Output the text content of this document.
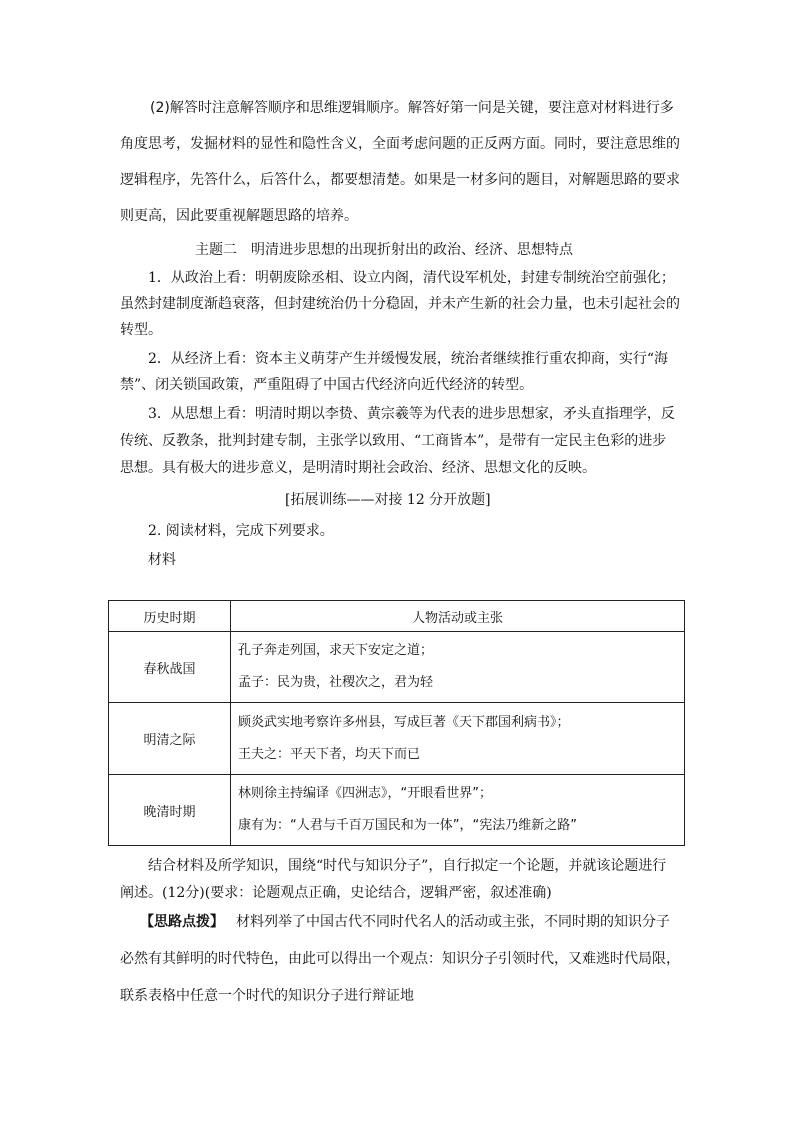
(2)解答时注意解答顺序和思维逻辑顺序。解答好第一问是关键，要注意对材料进行多
角度思考，发掘材料的显性和隐性含义，全面考虑问题的正反两方面。同时，要注意思维的
逻辑程序，先答什么，后答什么，都要想清楚。如果是一材多问的题目，对解题思路的要求
则更高，因此要重视解题思路的培养。
主题二　明清进步思想的出现折射出的政治、经济、思想特点
1．从政治上看：明朝废除丞相、设立内阁，清代设军机处，封建专制统治空前强化；
虽然封建制度渐趋衰落，但封建统治仍十分稳固，并未产生新的社会力量，也未引起社会的
转型。
2．从经济上看：资本主义萌芽产生并缓慢发展，统治者继续推行重农抑商，实行“海
禁”、闭关锁国政策，严重阻碍了中国古代经济向近代经济的转型。
3．从思想上看：明清时期以李贽、黄宗羲等为代表的进步思想家，矛头直指理学，反
传统、反教条，批判封建专制，主张学以致用、“工商皆本”，是带有一定民主色彩的进步
思想。具有极大的进步意义，是明清时期社会政治、经济、思想文化的反映。
[拓展训练——对接 12 分开放题]
2. 阅读材料，完成下列要求。
材料
历史时期	人物活动或主张
春秋战国	孔子奔走列国，求天下安定之道；
孟子：民为贵，社稷次之，君为轻

明清之际	顾炎武实地考察许多州县，写成巨著《天下郡国利病书》；
王夫之：平天下者，均天下而已

晚清时期	林则徐主持编译《四洲志》，“开眼看世界”；
康有为：“人君与千百万国民和为一体”，“宪法乃维新之路”
结合材料及所学知识，围绕“时代与知识分子”，自行拟定一个论题，并就该论题进行
阐述。(12分)(要求：论题观点正确，史论结合，逻辑严密，叙述准确)
【思路点拨】 材料列举了中国古代不同时代名人的活动或主张，不同时期的知识分子
必然有其鲜明的时代特色，由此可以得出一个观点：知识分子引领时代，又难逃时代局限，
联系表格中任意一个时代的知识分子进行辩证地
